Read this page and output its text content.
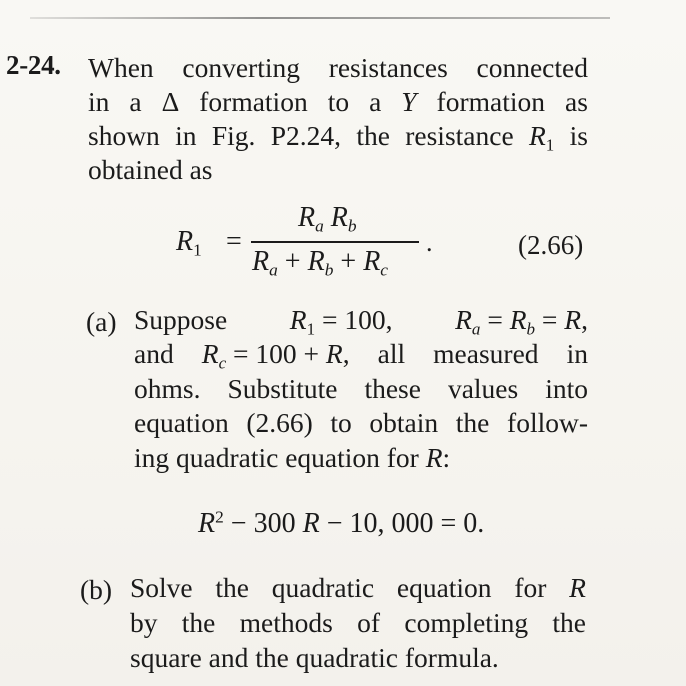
2-24. When converting resistances connected
in a Δ formation to a Y formation as
shown in Fig. P2.24, the resistance $R_1$ is
obtained as
$R_1$ =
$R_a$ $R_b$
$R_a + R_b + R_c$
.	(2.66)
(a) Suppose $R_1 = 100$, $R_a = R_b = R$,
and $R_c = 100 + R$, all measured in
ohms. Substitute these values into
equation (2.66) to obtain the follow-
ing quadratic equation for R:
$R^2 - 300$ R − 10, 000 = 0.
(b) Solve the quadratic equation for R
by the methods of completing the
square and the quadratic formula.
